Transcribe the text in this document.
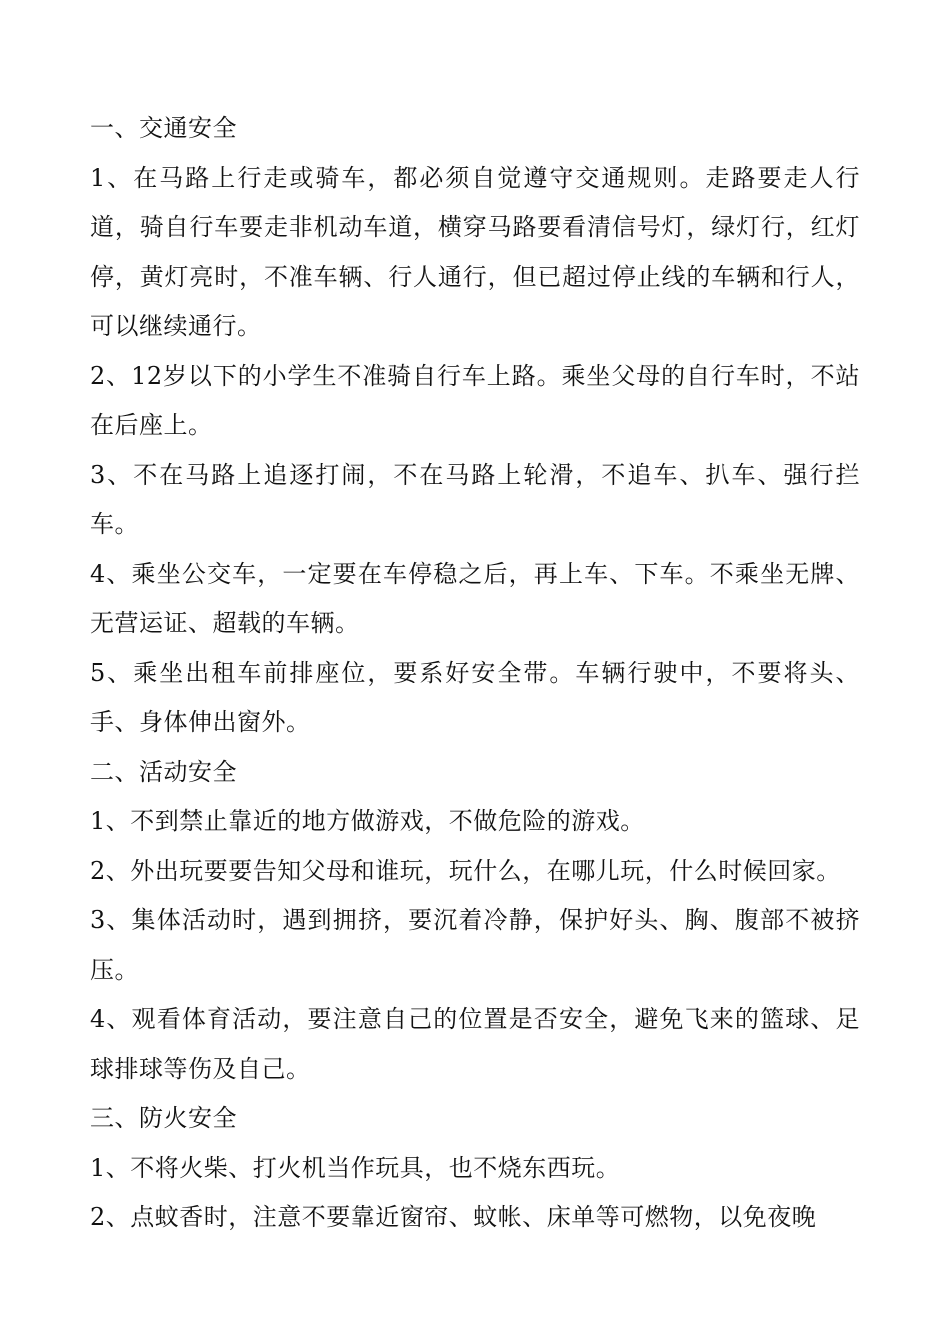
一、交通安全

1、在马路上行走或骑车，都必须自觉遵守交通规则。走路要走人行道，骑自行车要走非机动车道，横穿马路要看清信号灯，绿灯行，红灯停，黄灯亮时，不准车辆、行人通行，但已超过停止线的车辆和行人，可以继续通行。

2、12岁以下的小学生不准骑自行车上路。乘坐父母的自行车时，不站在后座上。

3、不在马路上追逐打闹，不在马路上轮滑，不追车、扒车、强行拦车。

4、乘坐公交车，一定要在车停稳之后，再上车、下车。不乘坐无牌、无营运证、超载的车辆。

5、乘坐出租车前排座位，要系好安全带。车辆行驶中，不要将头、手、身体伸出窗外。

二、活动安全

1、不到禁止靠近的地方做游戏，不做危险的游戏。

2、外出玩要要告知父母和谁玩，玩什么，在哪儿玩，什么时候回家。

3、集体活动时，遇到拥挤，要沉着冷静，保护好头、胸、腹部不被挤压。

4、观看体育活动，要注意自己的位置是否安全，避免飞来的篮球、足球排球等伤及自己。

三、防火安全

1、不将火柴、打火机当作玩具，也不烧东西玩。

2、点蚊香时，注意不要靠近窗帘、蚊帐、床单等可燃物，以免夜晚
